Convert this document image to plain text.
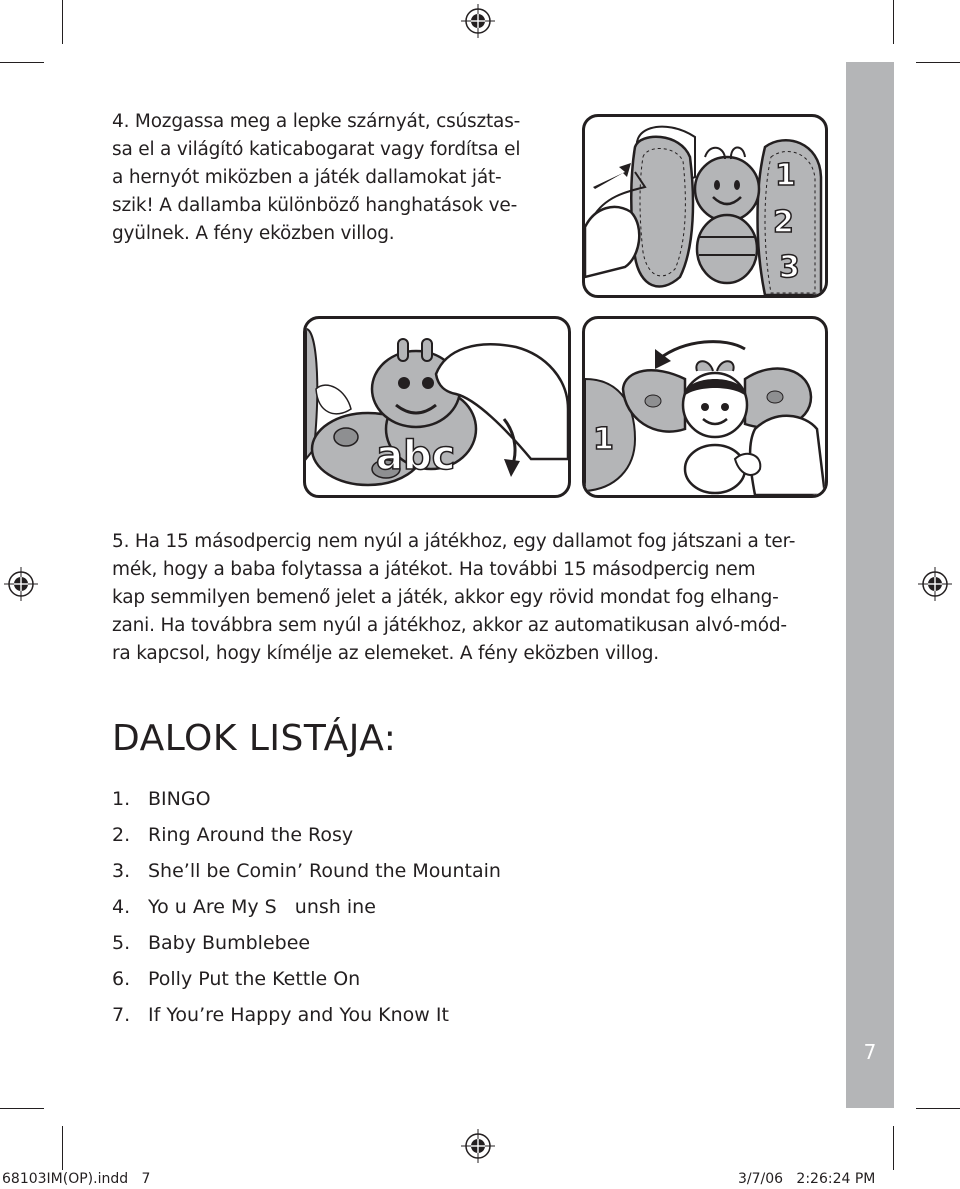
7

4. Mozgassa meg a lepke szárnyát, csúsztas-
sa el a világító katicabogarat vagy fordítsa el
a hernyót miközben a játék dallamokat ját-
szik! A dallamba különböző hanghatások ve-
gyülnek. A fény eközben villog.

1
2
3
abc	1

5. Ha 15 másodpercig nem nyúl a játékhoz, egy dallamot fog játszani a ter-
mék, hogy a baba folytassa a játékot. Ha további 15 másodpercig nem
kap semmilyen bemenő jelet a játék, akkor egy rövid mondat fog elhang-
zani. Ha továbbra sem nyúl a játékhoz, akkor az automatikusan alvó-mód-
ra kapcsol, hogy kímélje az elemeket. A fény eközben villog.

DALOK LISTÁJA:
1. BINGO
2. Ring Around the Rosy
3. She’ll be Comin’ Round the Mountain
4. Yo u Are My S   unsh ine
5. Baby Bumblebee
6. Polly Put the Kettle On
7. If You’re Happy and You Know It
68103IM(OP).indd   7	3/7/06   2:26:24 PM
